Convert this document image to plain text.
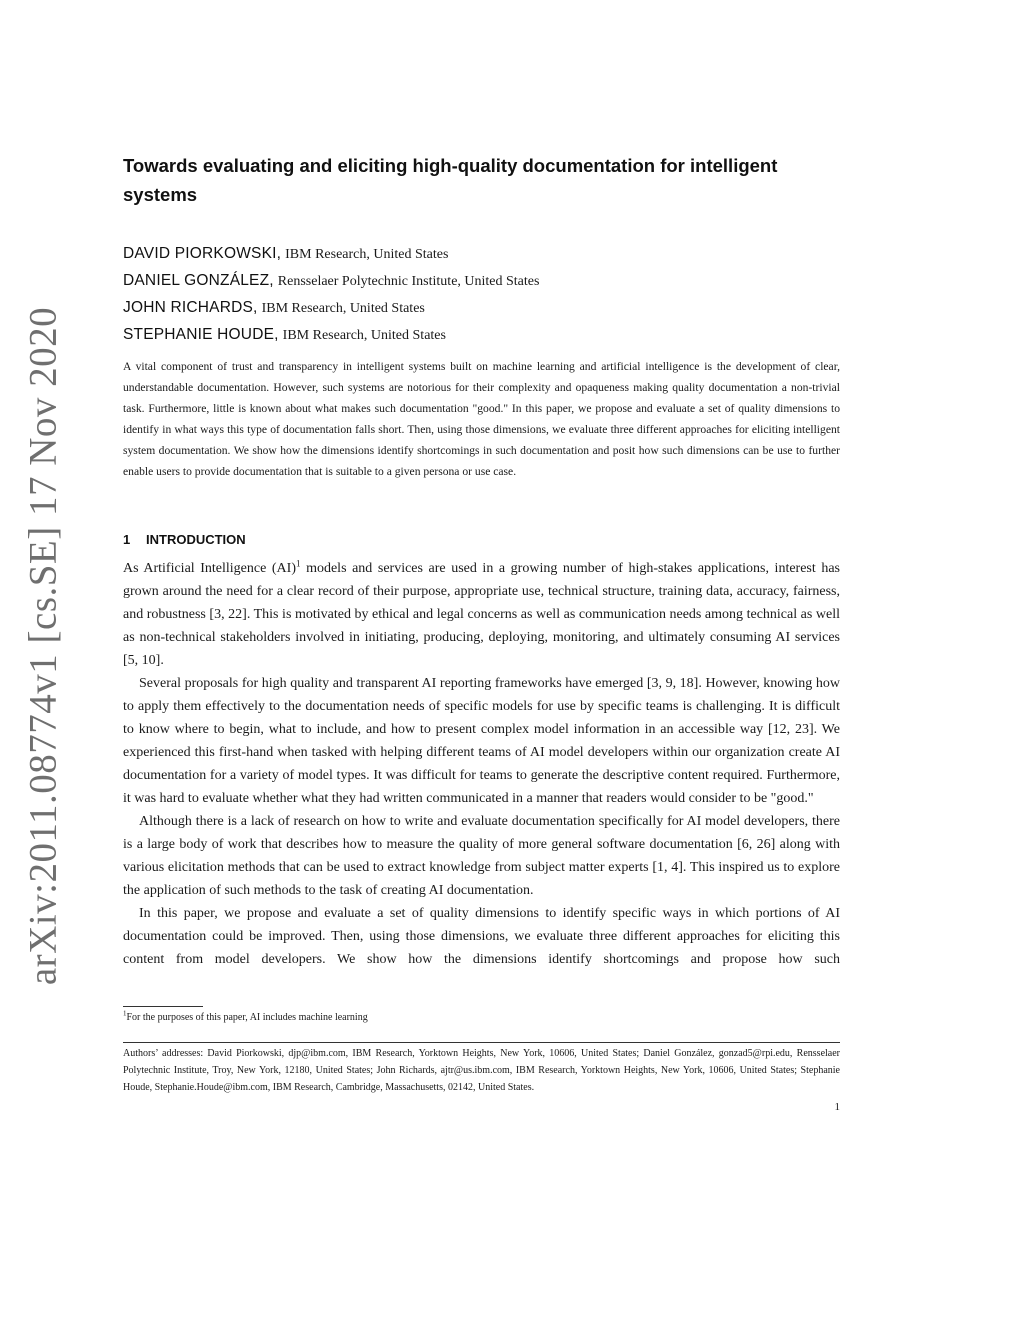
arXiv:2011.08774v1 [cs.SE] 17 Nov 2020
Towards evaluating and eliciting high-quality documentation for intelligent systems
DAVID PIORKOWSKI, IBM Research, United States
DANIEL GONZÁLEZ, Rensselaer Polytechnic Institute, United States
JOHN RICHARDS, IBM Research, United States
STEPHANIE HOUDE, IBM Research, United States

A vital component of trust and transparency in intelligent systems built on machine learning and artificial intelligence is the development of clear, understandable documentation. However, such systems are notorious for their complexity and opaqueness making quality documentation a non-trivial task. Furthermore, little is known about what makes such documentation "good." In this paper, we propose and evaluate a set of quality dimensions to identify in what ways this type of documentation falls short. Then, using those dimensions, we evaluate three different approaches for eliciting intelligent system documentation. We show how the dimensions identify shortcomings in such documentation and posit how such dimensions can be use to further enable users to provide documentation that is suitable to a given persona or use case.

1 INTRODUCTION

As Artificial Intelligence (AI)$^1$ models and services are used in a growing number of high-stakes applications, interest has grown around the need for a clear record of their purpose, appropriate use, technical structure, training data, accuracy, fairness, and robustness [3, 22]. This is motivated by ethical and legal concerns as well as communication needs among technical as well as non-technical stakeholders involved in initiating, producing, deploying, monitoring, and ultimately consuming AI services [5, 10].

Several proposals for high quality and transparent AI reporting frameworks have emerged [3, 9, 18]. However, knowing how to apply them effectively to the documentation needs of specific models for use by specific teams is challenging. It is difficult to know where to begin, what to include, and how to present complex model information in an accessible way [12, 23]. We experienced this first-hand when tasked with helping different teams of AI model developers within our organization create AI documentation for a variety of model types. It was difficult for teams to generate the descriptive content required. Furthermore, it was hard to evaluate whether what they had written communicated in a manner that readers would consider to be "good."

Although there is a lack of research on how to write and evaluate documentation specifically for AI model developers, there is a large body of work that describes how to measure the quality of more general software documentation [6, 26] along with various elicitation methods that can be used to extract knowledge from subject matter experts [1, 4]. This inspired us to explore the application of such methods to the task of creating AI documentation.

In this paper, we propose and evaluate a set of quality dimensions to identify specific ways in which portions of AI documentation could be improved. Then, using those dimensions, we evaluate three different approaches for eliciting this content from model developers. We show how the dimensions identify shortcomings and propose how such

$^1$For the purposes of this paper, AI includes machine learning

Authors’ addresses: David Piorkowski, djp@ibm.com, IBM Research, Yorktown Heights, New York, 10606, United States; Daniel González, gonzad5@rpi.edu, Rensselaer Polytechnic Institute, Troy, New York, 12180, United States; John Richards, ajtr@us.ibm.com, IBM Research, Yorktown Heights, New York, 10606, United States; Stephanie Houde, Stephanie.Houde@ibm.com, IBM Research, Cambridge, Massachusetts, 02142, United States.

1
